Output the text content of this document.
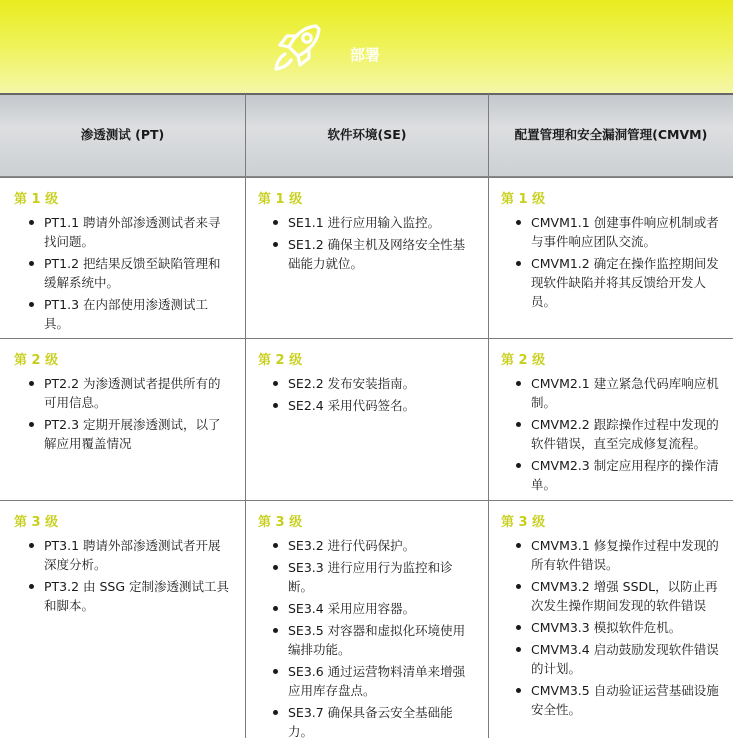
部署
渗透测试 (PT)	软件环境(SE)	配置管理和安全漏洞管理(CMVM)
第 1 级
PT1.1 聘请外部渗透测试者来寻找问题。
PT1.2 把结果反馈至缺陷管理和缓解系统中。
PT1.3 在内部使用渗透测试工具。
第 1 级
SE1.1 进行应用输入监控。
SE1.2 确保主机及网络安全性基础能力就位。
第 1 级
CMVM1.1 创建事件响应机制或者与事件响应团队交流。
CMVM1.2 确定在操作监控期间发现软件缺陷并将其反馈给开发人员。
第 2 级
PT2.2 为渗透测试者提供所有的可用信息。
PT2.3 定期开展渗透测试，以了解应用覆盖情况
第 2 级
SE2.2 发布安装指南。
SE2.4 采用代码签名。
第 2 级
CMVM2.1 建立紧急代码库响应机制。
CMVM2.2 跟踪操作过程中发现的软件错误，直至完成修复流程。
CMVM2.3 制定应用程序的操作清单。
第 3 级
PT3.1 聘请外部渗透测试者开展深度分析。
PT3.2 由 SSG 定制渗透测试工具和脚本。
第 3 级
SE3.2 进行代码保护。
SE3.3 进行应用行为监控和诊断。
SE3.4 采用应用容器。
SE3.5 对容器和虚拟化环境使用编排功能。
SE3.6 通过运营物料清单来增强应用库存盘点。
SE3.7 确保具备云安全基础能力。
第 3 级
CMVM3.1 修复操作过程中发现的所有软件错误。
CMVM3.2 增强 SSDL，以防止再次发生操作期间发现的软件错误
CMVM3.3 模拟软件危机。
CMVM3.4 启动鼓励发现软件错误的计划。
CMVM3.5 自动验证运营基础设施安全性。
